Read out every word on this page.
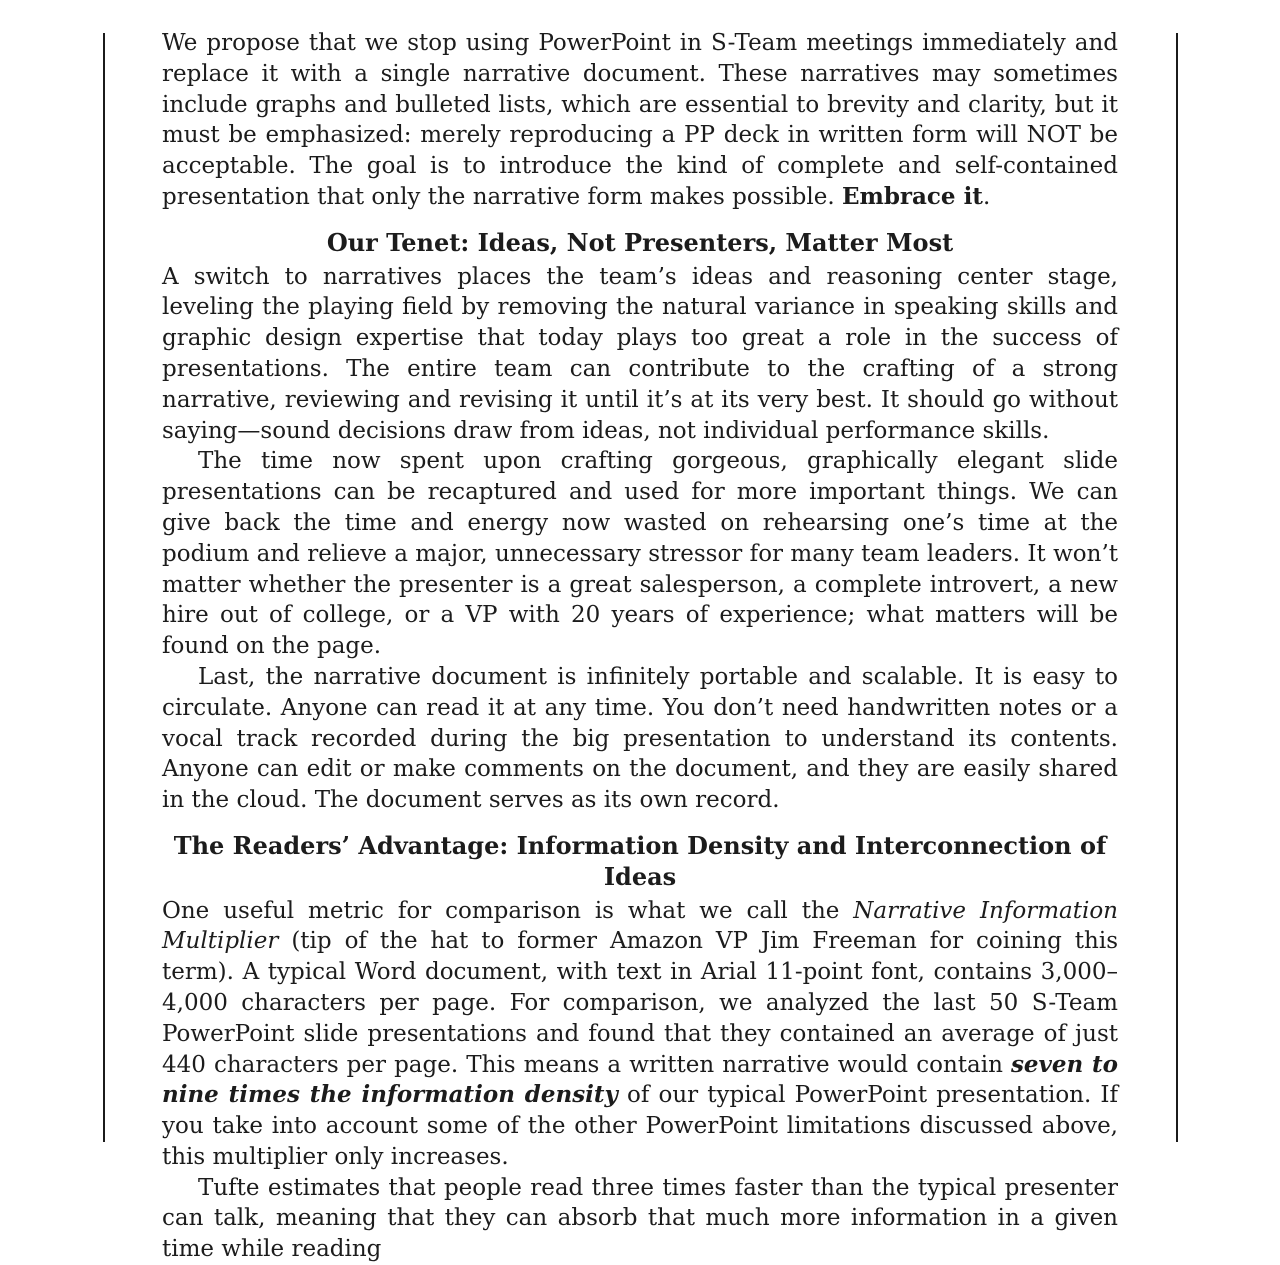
We propose that we stop using PowerPoint in S-Team meetings immediately and replace it with a single narrative document. These narratives may sometimes include graphs and bulleted lists, which are essential to brevity and clarity, but it must be emphasized: merely reproducing a PP deck in written form will NOT be acceptable. The goal is to introduce the kind of complete and self-contained presentation that only the narrative form makes possible. Embrace it.

Our Tenet: Ideas, Not Presenters, Matter Most

A switch to narratives places the team’s ideas and reasoning center stage, leveling the playing field by removing the natural variance in speaking skills and graphic design expertise that today plays too great a role in the success of presentations. The entire team can contribute to the crafting of a strong narrative, reviewing and revising it until it’s at its very best. It should go without saying—sound decisions draw from ideas, not individual performance skills.

The time now spent upon crafting gorgeous, graphically elegant slide presentations can be recaptured and used for more important things. We can give back the time and energy now wasted on rehearsing one’s time at the podium and relieve a major, unnecessary stressor for many team leaders. It won’t matter whether the presenter is a great salesperson, a complete introvert, a new hire out of college, or a VP with 20 years of experience; what matters will be found on the page.

Last, the narrative document is infinitely portable and scalable. It is easy to circulate. Anyone can read it at any time. You don’t need handwritten notes or a vocal track recorded during the big presentation to understand its contents. Anyone can edit or make comments on the document, and they are easily shared in the cloud. The document serves as its own record.

The Readers’ Advantage: Information Density and Interconnection of Ideas

One useful metric for comparison is what we call the Narrative Information Multiplier (tip of the hat to former Amazon VP Jim Freeman for coining this term). A typical Word document, with text in Arial 11-point font, contains 3,000–4,000 characters per page. For comparison, we analyzed the last 50 S-Team PowerPoint slide presentations and found that they contained an average of just 440 characters per page. This means a written narrative would contain seven to nine times the information density of our typical PowerPoint presentation. If you take into account some of the other PowerPoint limitations discussed above, this multiplier only increases.

Tufte estimates that people read three times faster than the typical presenter can talk, meaning that they can absorb that much more information in a given time while reading
